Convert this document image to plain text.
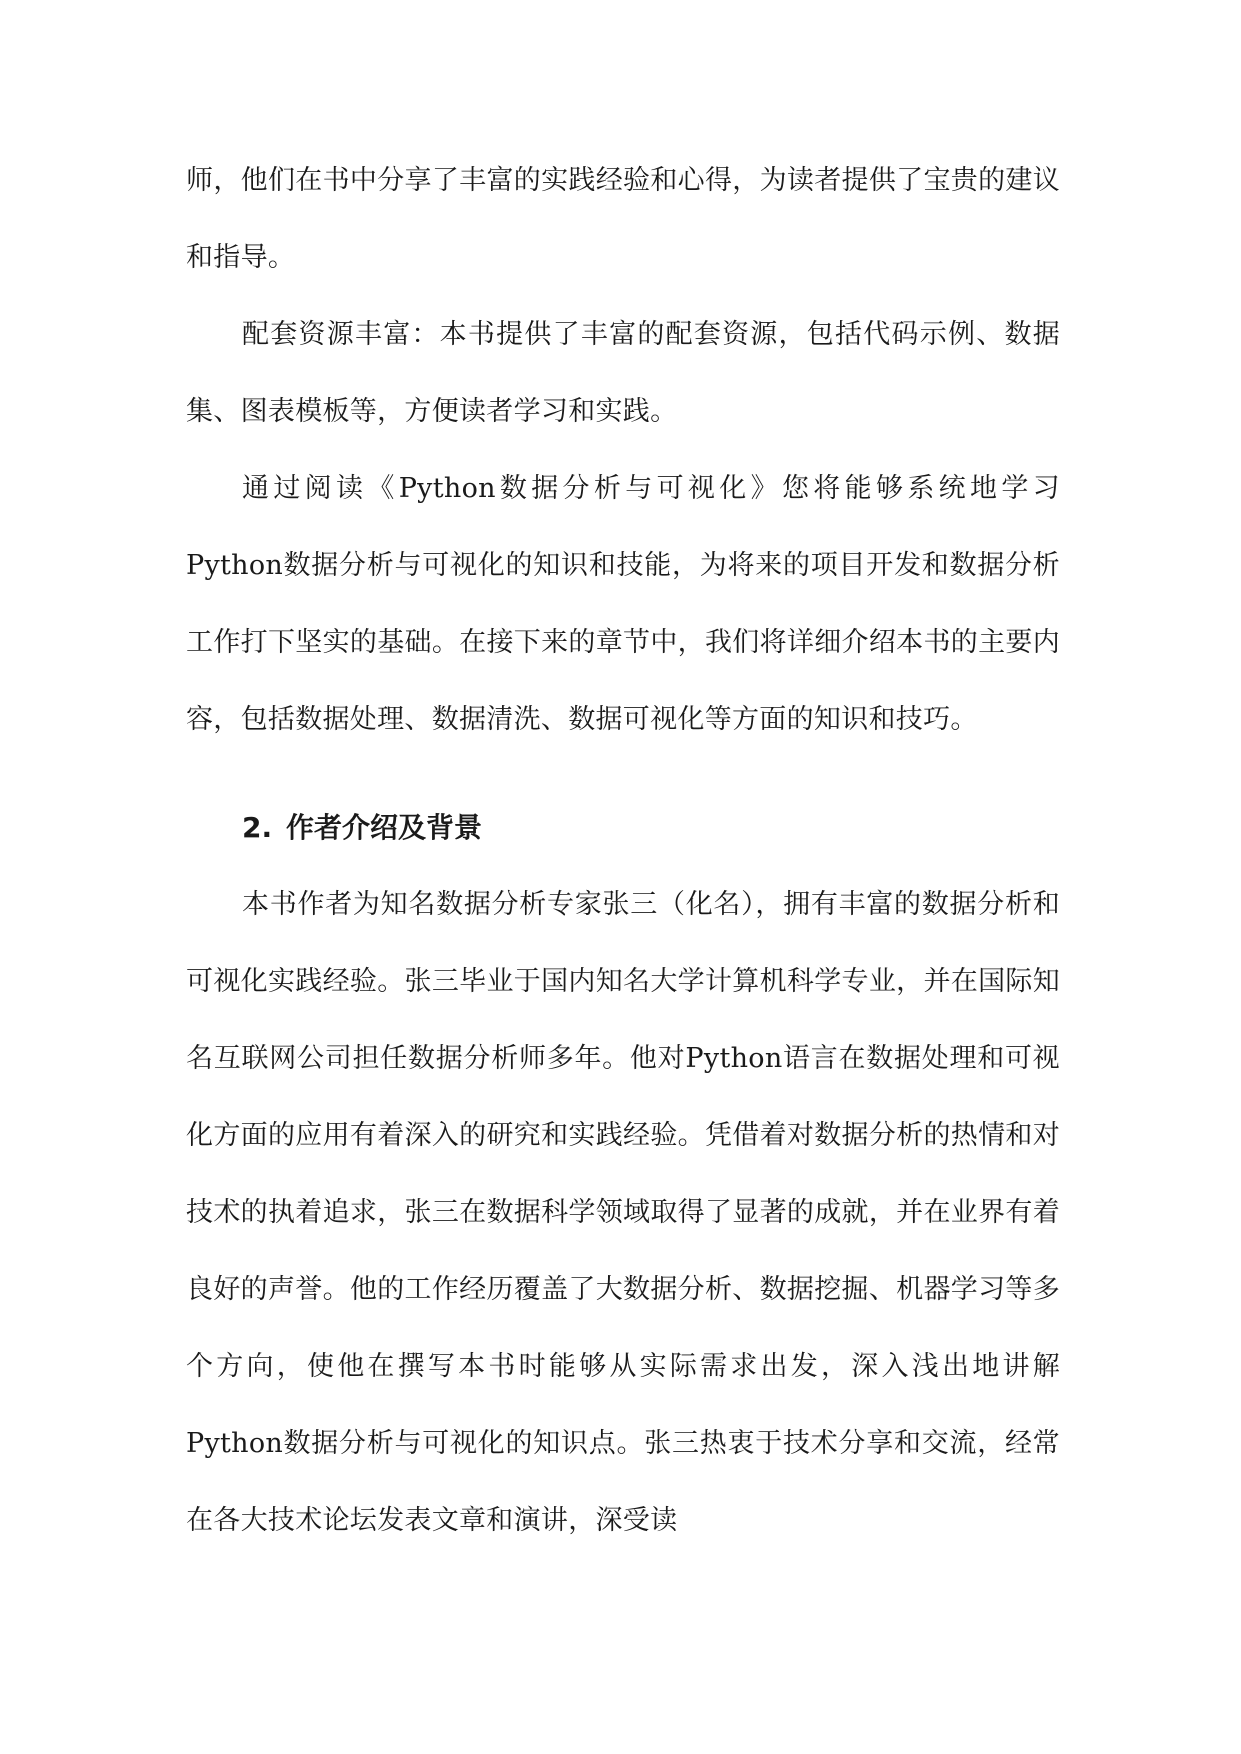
师，他们在书中分享了丰富的实践经验和心得，为读者提供了宝贵的建议和指导。

配套资源丰富：本书提供了丰富的配套资源，包括代码示例、数据集、图表模板等，方便读者学习和实践。

通过阅读《Python数据分析与可视化》您将能够系统地学习Python数据分析与可视化的知识和技能，为将来的项目开发和数据分析工作打下坚实的基础。在接下来的章节中，我们将详细介绍本书的主要内容，包括数据处理、数据清洗、数据可视化等方面的知识和技巧。

2. 作者介绍及背景

本书作者为知名数据分析专家张三（化名），拥有丰富的数据分析和可视化实践经验。张三毕业于国内知名大学计算机科学专业，并在国际知名互联网公司担任数据分析师多年。他对Python语言在数据处理和可视化方面的应用有着深入的研究和实践经验。凭借着对数据分析的热情和对技术的执着追求，张三在数据科学领域取得了显著的成就，并在业界有着良好的声誉。他的工作经历覆盖了大数据分析、数据挖掘、机器学习等多个方向，使他在撰写本书时能够从实际需求出发，深入浅出地讲解Python数据分析与可视化的知识点。张三热衷于技术分享和交流，经常在各大技术论坛发表文章和演讲，深受读
